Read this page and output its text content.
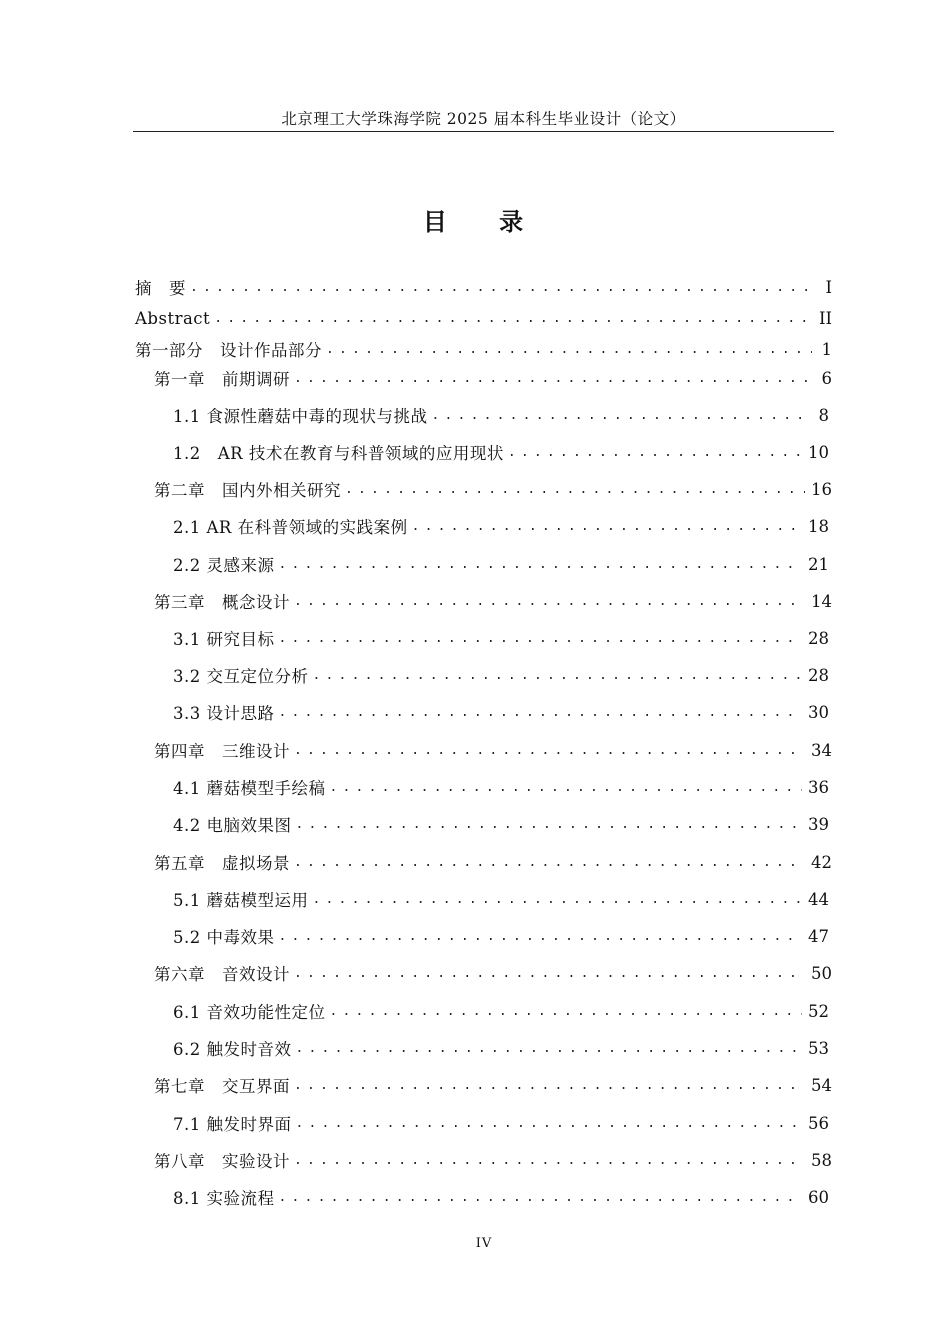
北京理工大学珠海学院 2025 届本科生毕业设计（论文）
目 录
摘　要 .....	I
Abstract .....	II
第一部分　设计作品部分 .....	1
第一章　前期调研 .....	6
1.1 食源性蘑菇中毒的现状与挑战 .....	8
1.2　AR 技术在教育与科普领域的应用现状 .....	10
第二章　国内外相关研究 .....	16
2.1 AR 在科普领域的实践案例 .....	18
2.2 灵感来源 .....	21
第三章　概念设计 .....	14
3.1 研究目标 .....	28
3.2 交互定位分析 .....	28
3.3 设计思路 .....	30
第四章　三维设计 .....	34
4.1 蘑菇模型手绘稿 .....	36
4.2 电脑效果图 .....	39
第五章　虚拟场景 .....	42
5.1 蘑菇模型运用 .....	44
5.2 中毒效果 .....	47
第六章　音效设计 .....	50
6.1 音效功能性定位 .....	52
6.2 触发时音效 .....	53
第七章　交互界面 .....	54
7.1 触发时界面 .....	56
第八章　实验设计 .....	58
8.1 实验流程 .....	60
IV
